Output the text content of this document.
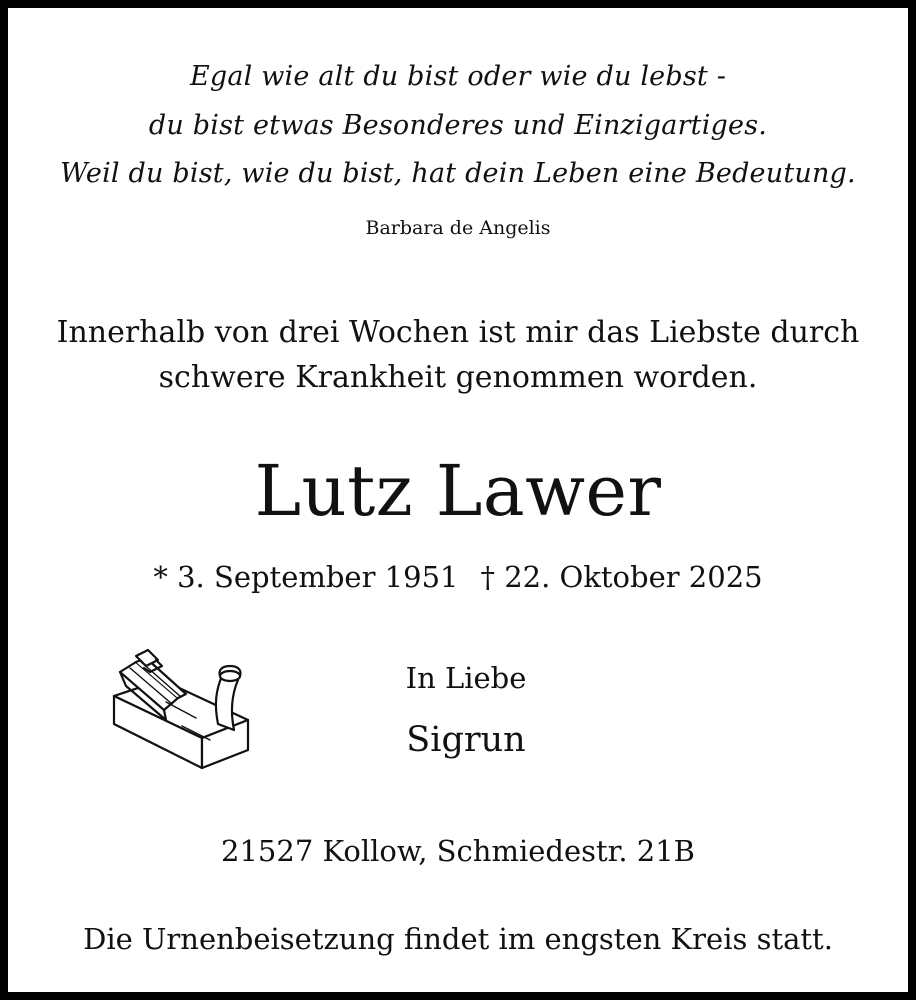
Egal wie alt du bist oder wie du lebst -
du bist etwas Besonderes und Einzigartiges.
Weil du bist, wie du bist, hat dein Leben eine Bedeutung.
Barbara de Angelis
Innerhalb von drei Wochen ist mir das Liebste durch
schwere Krankheit genommen worden.
Lutz Lawer
* 3. September 1951 † 22. Oktober 2025
In Liebe
Sigrun
21527 Kollow, Schmiedestr. 21B
Die Urnenbeisetzung findet im engsten Kreis statt.
